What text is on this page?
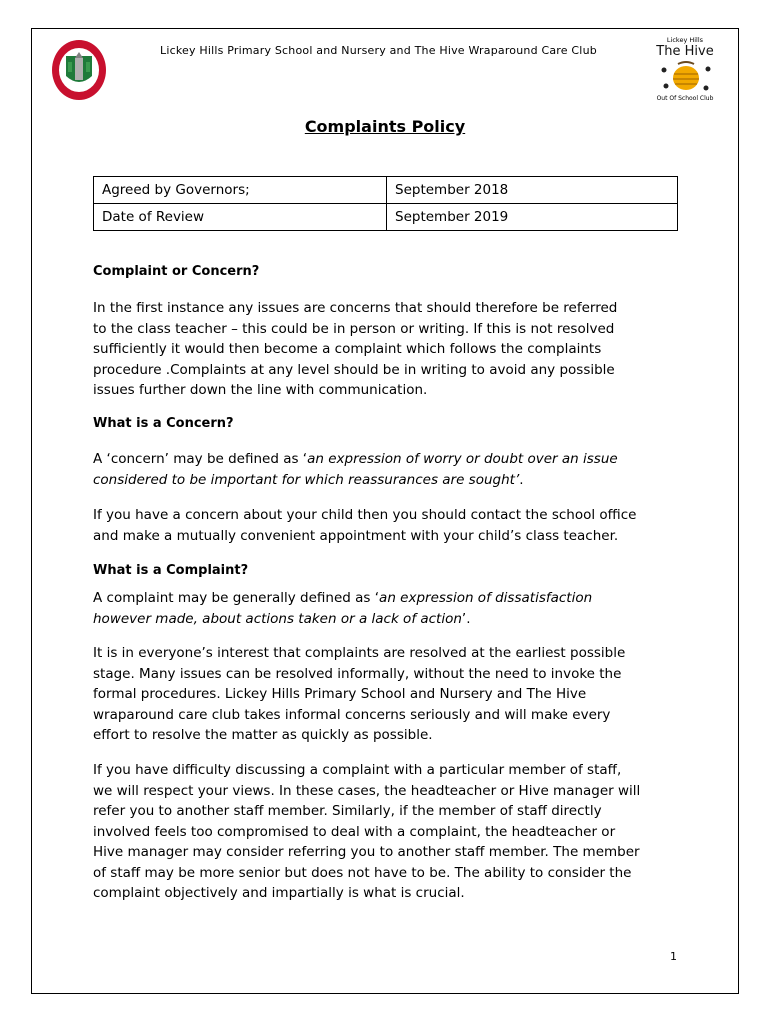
Lickey Hills Primary School and Nursery and The Hive Wraparound Care Club
Lickey Hills
The Hive
Out Of School Club
Complaints Policy
Agreed by Governors;	September 2018
Date of Review	September 2019
Complaint or Concern?
In the first instance any issues are concerns that should therefore be referred
to the class teacher – this could be in person or writing. If this is not resolved
sufficiently it would then become a complaint which follows the complaints
procedure .Complaints at any level should be in writing to avoid any possible
issues further down the line with communication.
What is a Concern?
A ‘concern’ may be defined as ‘an expression of worry or doubt over an issue
considered to be important for which reassurances are sought’.
If you have a concern about your child then you should contact the school office
and make a mutually convenient appointment with your child’s class teacher.
What is a Complaint?
A complaint may be generally defined as ‘an expression of dissatisfaction
however made, about actions taken or a lack of action’.
It is in everyone’s interest that complaints are resolved at the earliest possible
stage. Many issues can be resolved informally, without the need to invoke the
formal procedures. Lickey Hills Primary School and Nursery and The Hive
wraparound care club takes informal concerns seriously and will make every
effort to resolve the matter as quickly as possible.
If you have difficulty discussing a complaint with a particular member of staff,
we will respect your views. In these cases, the headteacher or Hive manager will
refer you to another staff member. Similarly, if the member of staff directly
involved feels too compromised to deal with a complaint, the headteacher or
Hive manager may consider referring you to another staff member. The member
of staff may be more senior but does not have to be. The ability to consider the
complaint objectively and impartially is what is crucial.
1
